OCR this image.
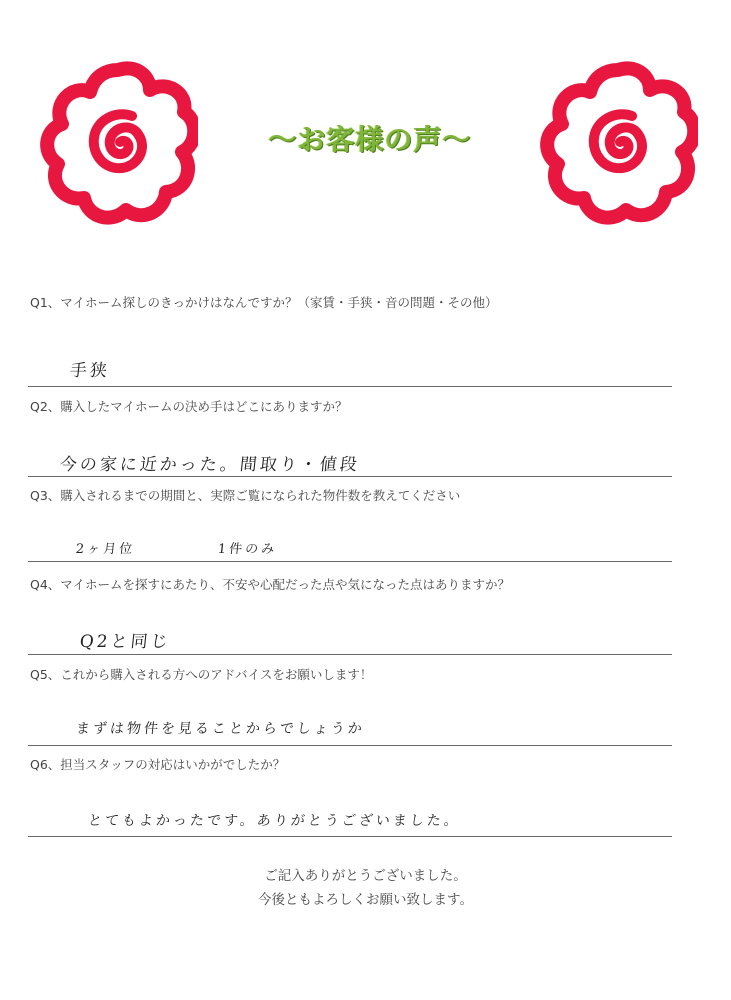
〜お客様の声〜
Q1、マイホーム探しのきっかけはなんですか？（家賃・手狭・音の問題・その他）
手狭
Q2、購入したマイホームの決め手はどこにありますか？
今の家に近かった。間取り・値段
Q3、購入されるまでの期間と、実際ご覧になられた物件数を教えてください
2ヶ月位	1件のみ
Q4、マイホームを探すにあたり、不安や心配だった点や気になった点はありますか？
Q2と同じ
Q5、これから購入される方へのアドバイスをお願いします！
まずは物件を見ることからでしょうか
Q6、担当スタッフの対応はいかがでしたか？
とてもよかったです。ありがとうございました。
ご記入ありがとうございました。
今後ともよろしくお願い致します。
